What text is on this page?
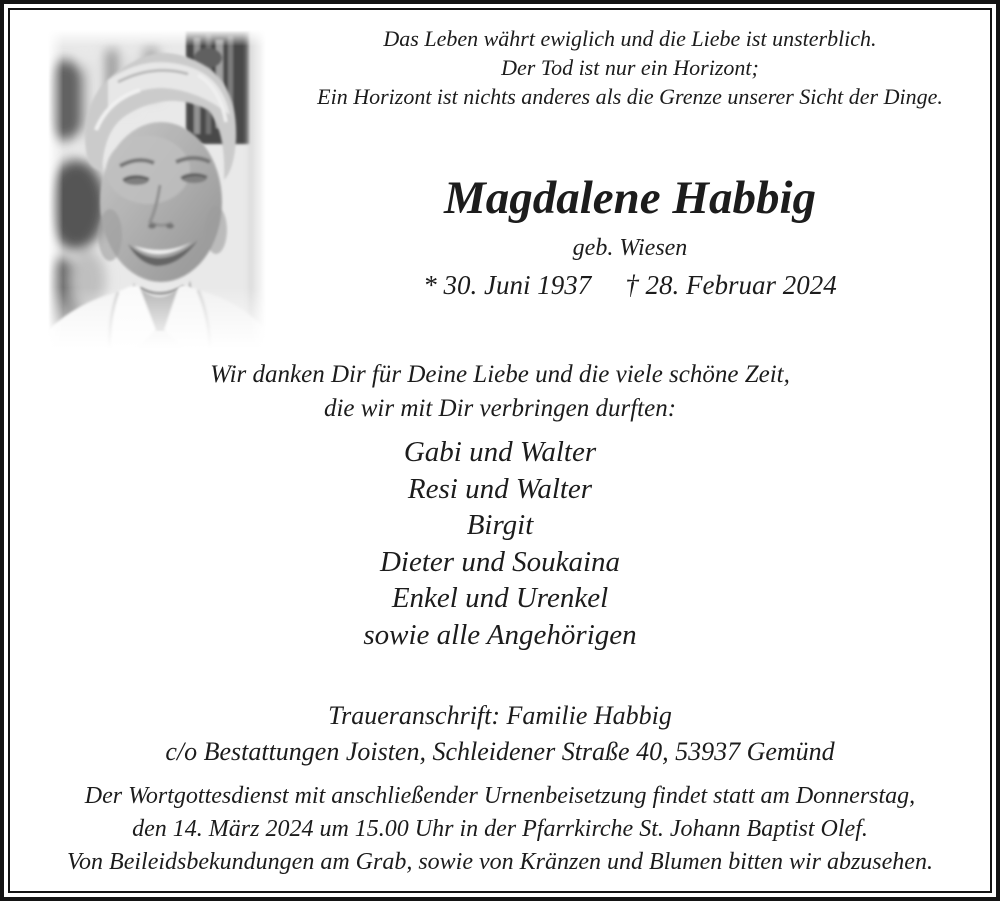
Das Leben währt ewiglich und die Liebe ist unsterblich.
Der Tod ist nur ein Horizont;
Ein Horizont ist nichts anderes als die Grenze unserer Sicht der Dinge.
Magdalene Habbig
geb. Wiesen
* 30. Juni 1937 † 28. Februar 2024
Wir danken Dir für Deine Liebe und die viele schöne Zeit,
die wir mit Dir verbringen durften:
Gabi und Walter
Resi und Walter
Birgit
Dieter und Soukaina
Enkel und Urenkel
sowie alle Angehörigen
Traueranschrift: Familie Habbig
c/o Bestattungen Joisten, Schleidener Straße 40, 53937 Gemünd
Der Wortgottesdienst mit anschließender Urnenbeisetzung findet statt am Donnerstag,
den 14. März 2024 um 15.00 Uhr in der Pfarrkirche St. Johann Baptist Olef.
Von Beileidsbekundungen am Grab, sowie von Kränzen und Blumen bitten wir abzusehen.
